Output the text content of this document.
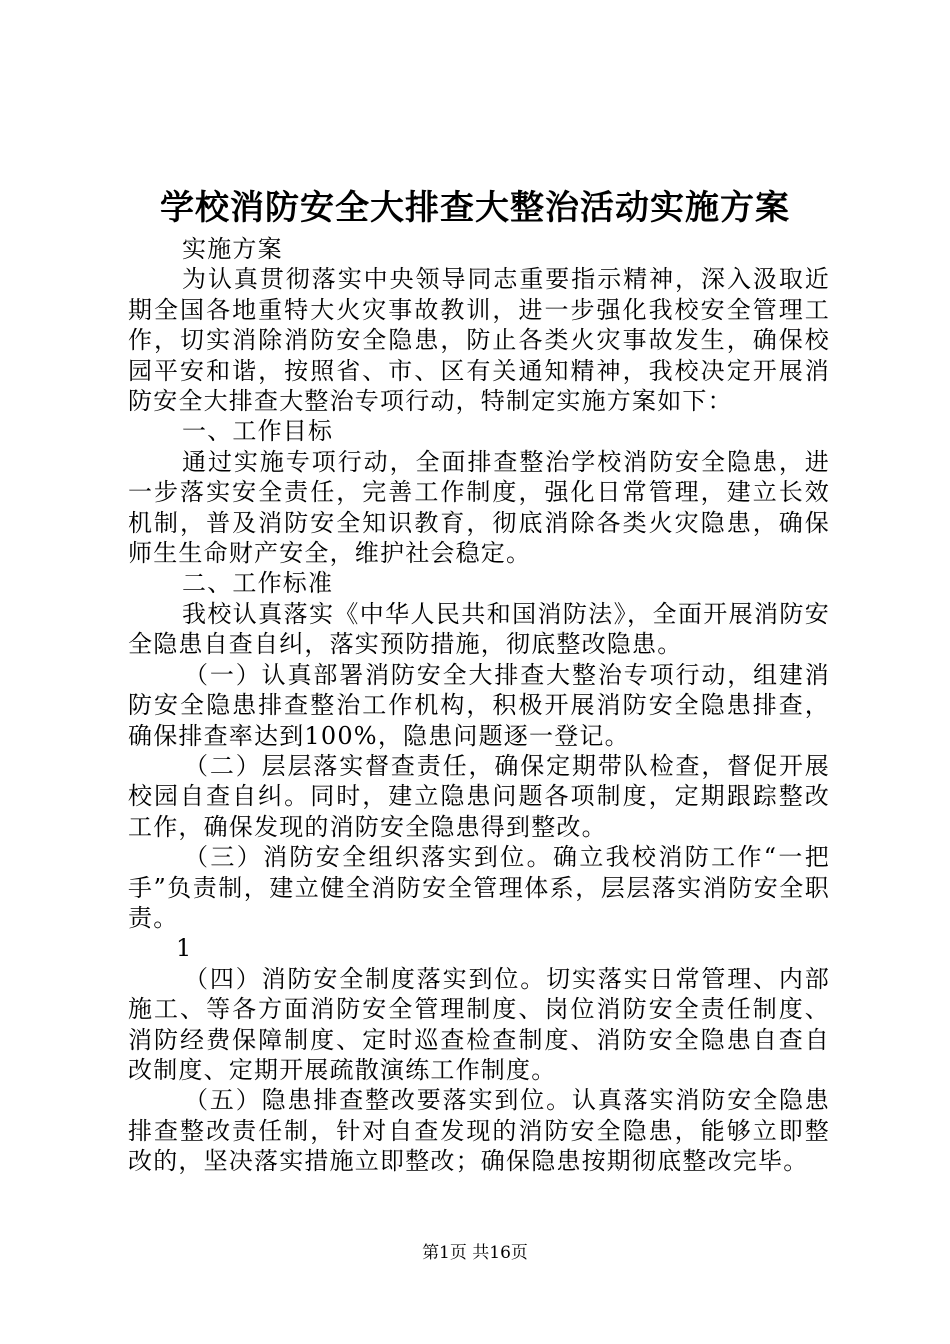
学校消防安全大排查大整治活动实施方案

实施方案

为认真贯彻落实中央领导同志重要指示精神，深入汲取近期全国各地重特大火灾事故教训，进一步强化我校安全管理工作，切实消除消防安全隐患，防止各类火灾事故发生，确保校园平安和谐，按照省、市、区有关通知精神，我校决定开展消防安全大排查大整治专项行动，特制定实施方案如下：

一、工作目标

通过实施专项行动，全面排查整治学校消防安全隐患，进一步落实安全责任，完善工作制度，强化日常管理，建立长效机制，普及消防安全知识教育，彻底消除各类火灾隐患，确保师生生命财产安全，维护社会稳定。

二、工作标准

我校认真落实《中华人民共和国消防法》，全面开展消防安全隐患自查自纠，落实预防措施，彻底整改隐患。

（一）认真部署消防安全大排查大整治专项行动，组建消防安全隐患排查整治工作机构，积极开展消防安全隐患排查，确保排查率达到100%，隐患问题逐一登记。

（二）层层落实督查责任，确保定期带队检查，督促开展校园自查自纠。同时，建立隐患问题各项制度，定期跟踪整改工作，确保发现的消防安全隐患得到整改。

（三）消防安全组织落实到位。确立我校消防工作“一把手”负责制，建立健全消防安全管理体系，层层落实消防安全职责。

1

（四）消防安全制度落实到位。切实落实日常管理、内部施工、等各方面消防安全管理制度、岗位消防安全责任制度、消防经费保障制度、定时巡查检查制度、消防安全隐患自查自改制度、定期开展疏散演练工作制度。

（五）隐患排查整改要落实到位。认真落实消防安全隐患排查整改责任制，针对自查发现的消防安全隐患，能够立即整改的，坚决落实措施立即整改；确保隐患按期彻底整改完毕。

第1页 共16页
